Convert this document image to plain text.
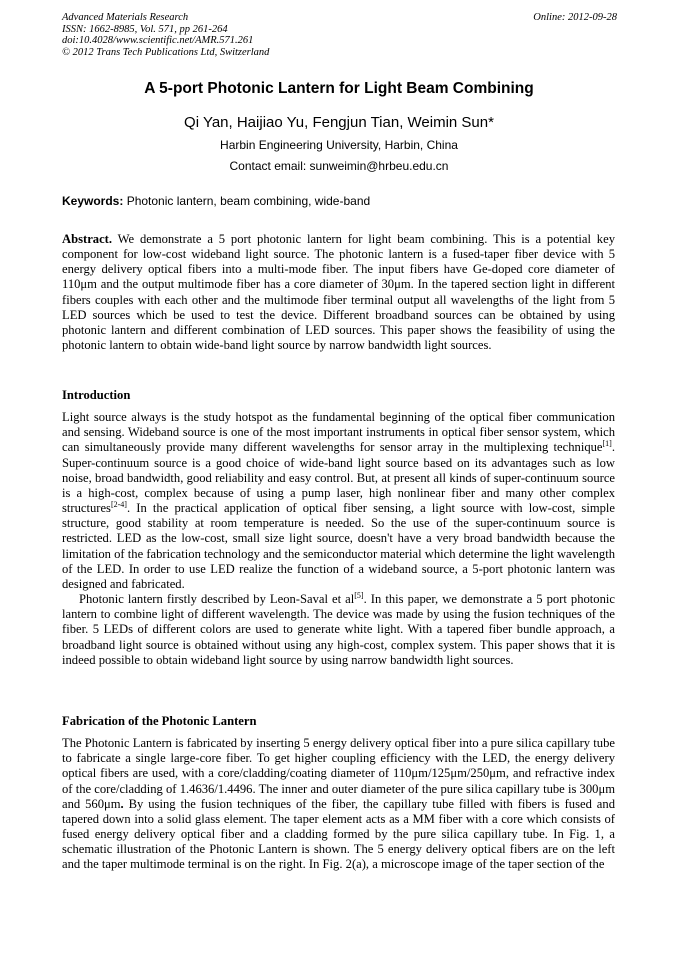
Advanced Materials Research
ISSN: 1662-8985, Vol. 571, pp 261-264
doi:10.4028/www.scientific.net/AMR.571.261
© 2012 Trans Tech Publications Ltd, Switzerland
Online: 2012-09-28
A 5-port Photonic Lantern for Light Beam Combining
Qi Yan, Haijiao Yu, Fengjun Tian, Weimin Sun*
Harbin Engineering University, Harbin, China
Contact email: sunweimin@hrbeu.edu.cn
Keywords: Photonic lantern, beam combining, wide-band

Abstract. We demonstrate a 5 port photonic lantern for light beam combining. This is a potential key component for low-cost wideband light source. The photonic lantern is a fused-taper fiber device with 5 energy delivery optical fibers into a multi-mode fiber. The input fibers have Ge-doped core diameter of 110μm and the output multimode fiber has a core diameter of 30μm. In the tapered section light in different fibers couples with each other and the multimode fiber terminal output all wavelengths of the light from 5 LED sources which be used to test the device. Different broadband sources can be obtained by using photonic lantern and different combination of LED sources. This paper shows the feasibility of using the photonic lantern to obtain wide-band light source by narrow bandwidth light sources.

Introduction

Light source always is the study hotspot as the fundamental beginning of the optical fiber communication and sensing. Wideband source is one of the most important instruments in optical fiber sensor system, which can simultaneously provide many different wavelengths for sensor array in the multiplexing technique[1]. Super-continuum source is a good choice of wide-band light source based on its advantages such as low noise, broad bandwidth, good reliability and easy control. But, at present all kinds of super-continuum source is a high-cost, complex because of using a pump laser, high nonlinear fiber and many other complex structures[2-4]. In the practical application of optical fiber sensing, a light source with low-cost, simple structure, good stability at room temperature is needed. So the use of the super-continuum source is restricted. LED as the low-cost, small size light source, doesn't have a very broad bandwidth because the limitation of the fabrication technology and the semiconductor material which determine the light wavelength of the LED. In order to use LED realize the function of a wideband source, a 5-port photonic lantern was designed and fabricated.

Photonic lantern firstly described by Leon-Saval et al[5]. In this paper, we demonstrate a 5 port photonic lantern to combine light of different wavelength. The device was made by using the fusion techniques of the fiber. 5 LEDs of different colors are used to generate white light. With a tapered fiber bundle approach, a broadband light source is obtained without using any high-cost, complex system. This paper shows that it is indeed possible to obtain wideband light source by using narrow bandwidth light sources.

Fabrication of the Photonic Lantern

The Photonic Lantern is fabricated by inserting 5 energy delivery optical fiber into a pure silica capillary tube to fabricate a single large-core fiber. To get higher coupling efficiency with the LED, the energy delivery optical fibers are used, with a core/cladding/coating diameter of 110μm/125μm/250μm, and refractive index of the core/cladding of 1.4636/1.4496. The inner and outer diameter of the pure silica capillary tube is 300μm and 560μm. By using the fusion techniques of the fiber, the capillary tube filled with fibers is fused and tapered down into a solid glass element. The taper element acts as a MM fiber with a core which consists of fused energy delivery optical fiber and a cladding formed by the pure silica capillary tube. In Fig. 1, a schematic illustration of the Photonic Lantern is shown. The 5 energy delivery optical fibers are on the left and the taper multimode terminal is on the right. In Fig. 2(a), a microscope image of the taper section of the
